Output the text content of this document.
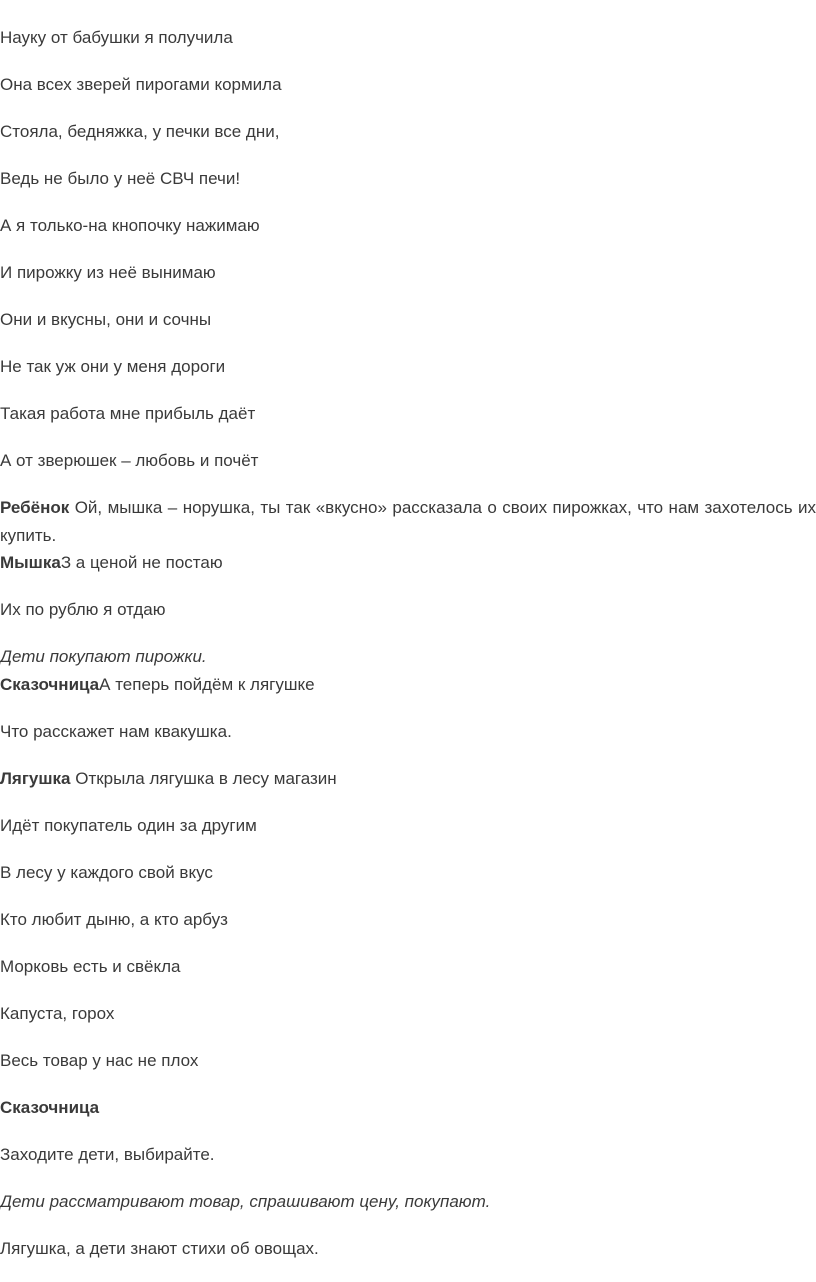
Науку от бабушки я получила

Она всех зверей пирогами кормила

Стояла, бедняжка, у печки все дни,

Ведь не было у неё СВЧ печи!

А я только-на кнопочку нажимаю

И пирожку из неё вынимаю

Они и вкусны, они и сочны

Не так уж они у меня дороги

Такая работа мне прибыль даёт

А от зверюшек – любовь и почёт

Ребёнок Ой, мышка – норушка, ты так «вкусно» рассказала о своих пирожках, что нам захотелось их купить.

МышкаЗ а ценой не постаю

Их по рублю я отдаю

Дети покупают пирожки.

СказочницаА теперь пойдём к лягушке

Что расскажет нам квакушка.

Лягушка Открыла лягушка в лесу магазин

Идёт покупатель один за другим

В лесу у каждого свой вкус

Кто любит дыню, а кто арбуз

Морковь есть и свёкла

Капуста, горох

Весь товар у нас не плох

Сказочница

Заходите дети, выбирайте.

Дети рассматривают товар, спрашивают цену, покупают.

Лягушка, а дети знают стихи об овощах.
